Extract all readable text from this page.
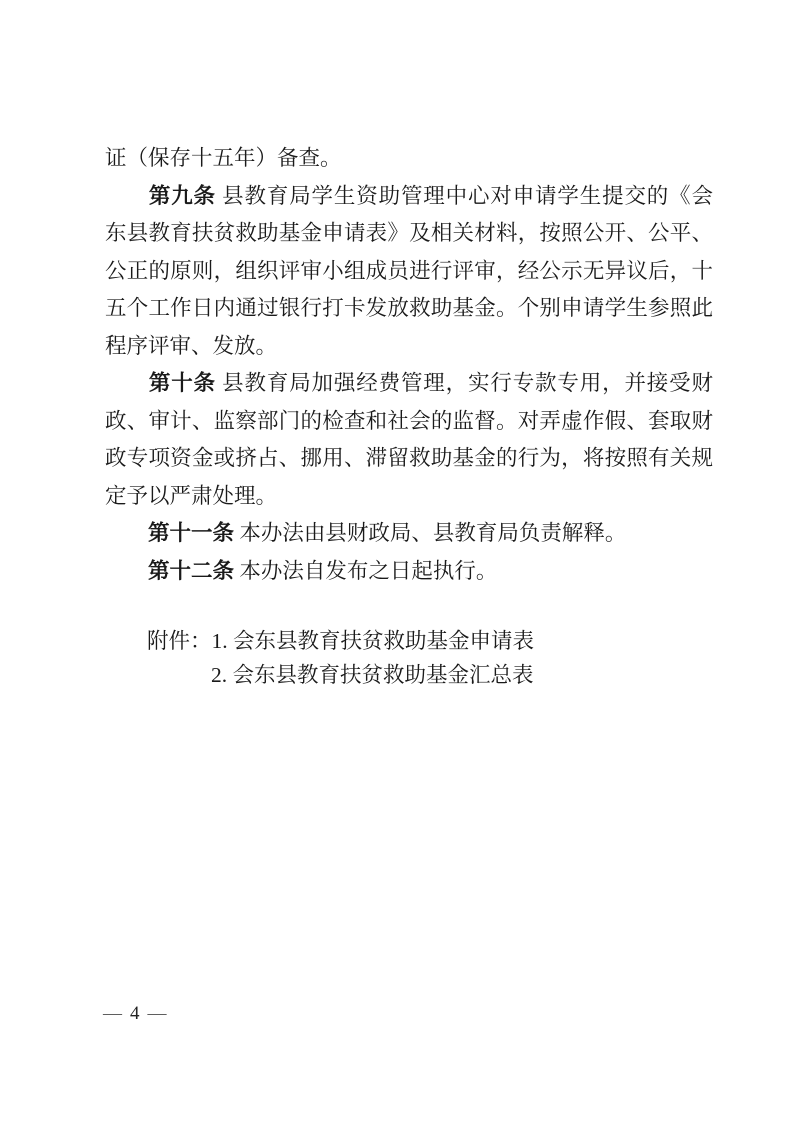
证（保存十五年）备查。
第九条 县教育局学生资助管理中心对申请学生提交的《会
东县教育扶贫救助基金申请表》及相关材料，按照公开、公平、
公正的原则，组织评审小组成员进行评审，经公示无异议后，十
五个工作日内通过银行打卡发放救助基金。个别申请学生参照此
程序评审、发放。
第十条 县教育局加强经费管理，实行专款专用，并接受财
政、审计、监察部门的检查和社会的监督。对弄虚作假、套取财
政专项资金或挤占、挪用、滞留救助基金的行为，将按照有关规
定予以严肃处理。
第十一条 本办法由县财政局、县教育局负责解释。
第十二条 本办法自发布之日起执行。
附件：1. 会东县教育扶贫救助基金申请表
2. 会东县教育扶贫救助基金汇总表
— 4 —
